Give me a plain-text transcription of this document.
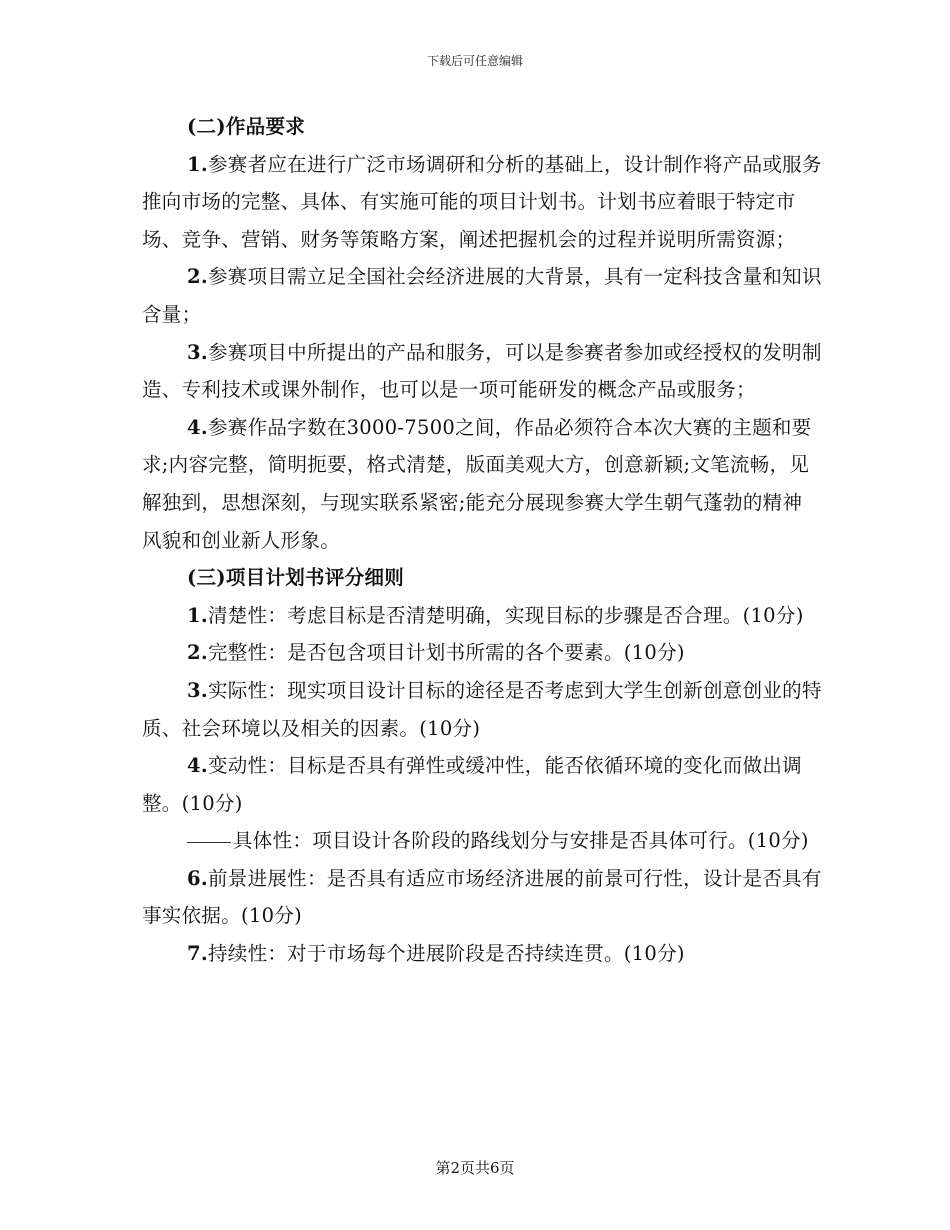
下载后可任意编辑

(二)作品要求

1.参赛者应在进行广泛市场调研和分析的基础上，设计制作将产品或服务推向市场的完整、具体、有实施可能的项目计划书。计划书应着眼于特定市场、竞争、营销、财务等策略方案，阐述把握机会的过程并说明所需资源；

2.参赛项目需立足全国社会经济进展的大背景，具有一定科技含量和知识含量；

3.参赛项目中所提出的产品和服务，可以是参赛者参加或经授权的发明制造、专利技术或课外制作，也可以是一项可能研发的概念产品或服务；

4.参赛作品字数在3000-7500之间，作品必须符合本次大赛的主题和要求;内容完整，简明扼要，格式清楚，版面美观大方，创意新颖;文笔流畅，见解独到，思想深刻，与现实联系紧密;能充分展现参赛大学生朝气蓬勃的精神风貌和创业新人形象。

(三)项目计划书评分细则

1.清楚性：考虑目标是否清楚明确，实现目标的步骤是否合理。(10分)

2.完整性：是否包含项目计划书所需的各个要素。(10分)

3.实际性：现实项目设计目标的途径是否考虑到大学生创新创意创业的特质、社会环境以及相关的因素。(10分)

4.变动性：目标是否具有弹性或缓冲性，能否依循环境的变化而做出调整。(10分)

具体性：项目设计各阶段的路线划分与安排是否具体可行。(10分)

6.前景进展性：是否具有适应市场经济进展的前景可行性，设计是否具有事实依据。(10分)

7.持续性：对于市场每个进展阶段是否持续连贯。(10分)

第2页共6页
